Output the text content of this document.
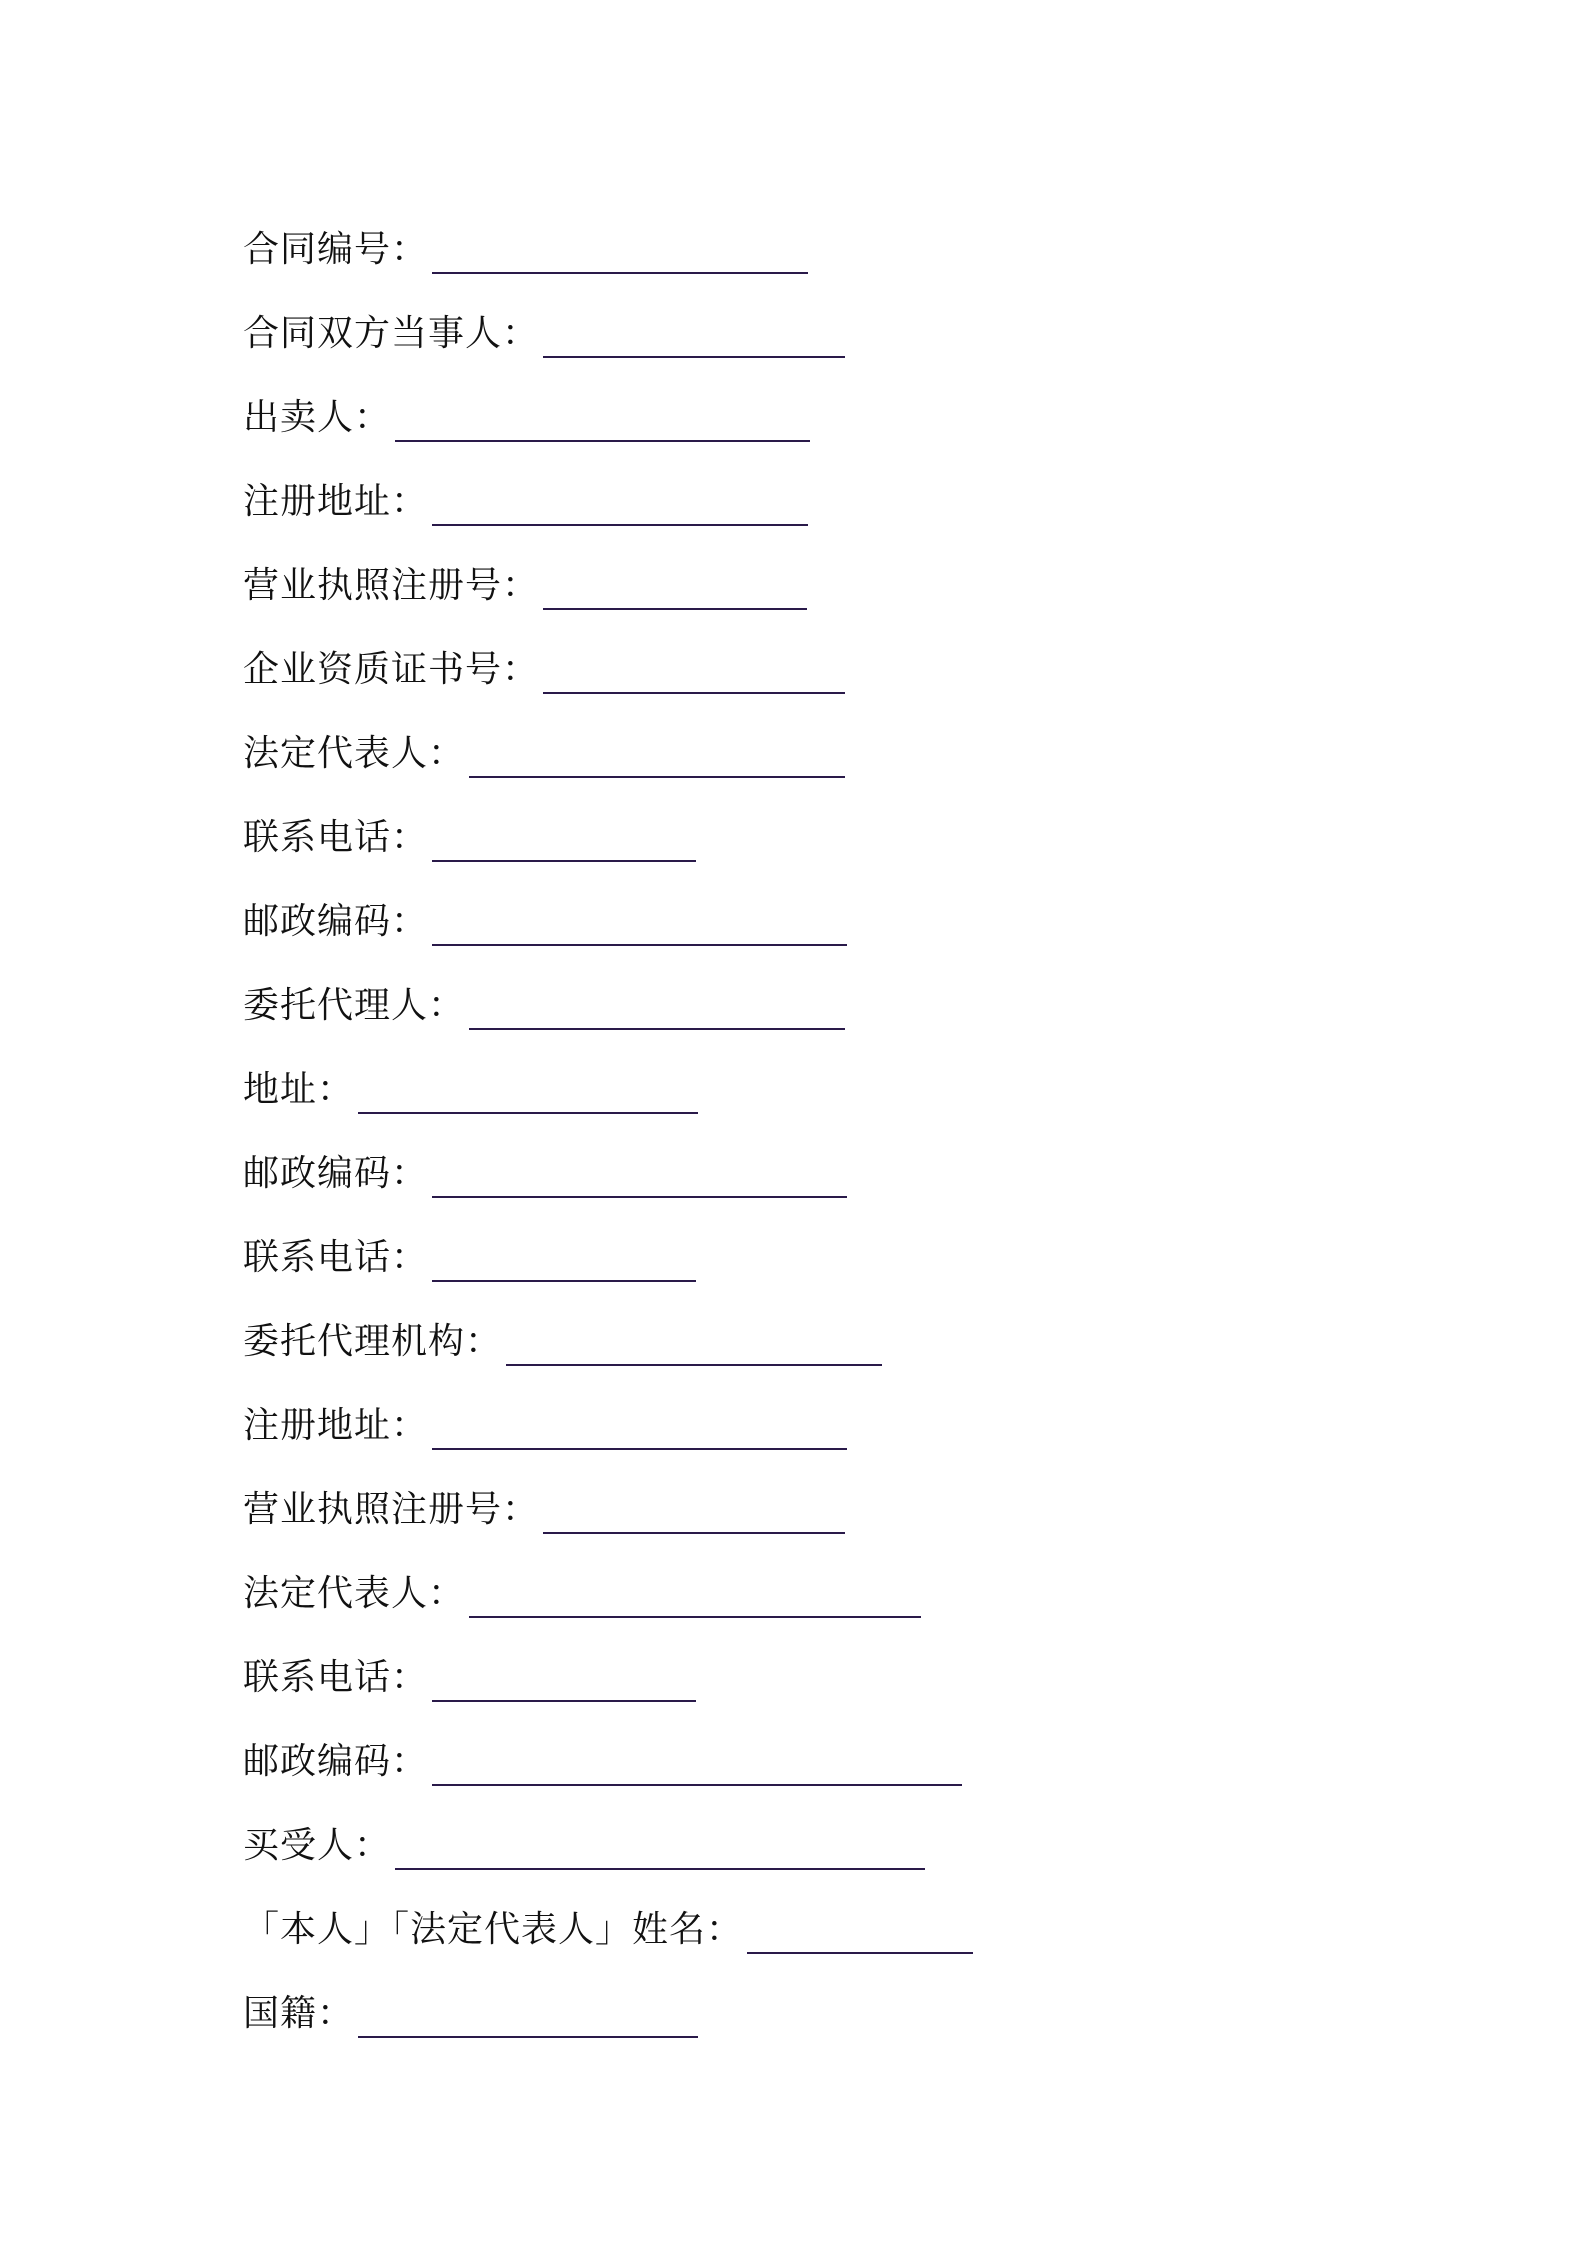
合同编号：
合同双方当事人：
出卖人：
注册地址：
营业执照注册号：
企业资质证书号：
法定代表人：
联系电话：
邮政编码：
委托代理人：
地址：
邮政编码：
联系电话：
委托代理机构：
注册地址：
营业执照注册号：
法定代表人：
联系电话：
邮政编码：
买受人：
「本人」「法定代表人」姓名：
国籍：
